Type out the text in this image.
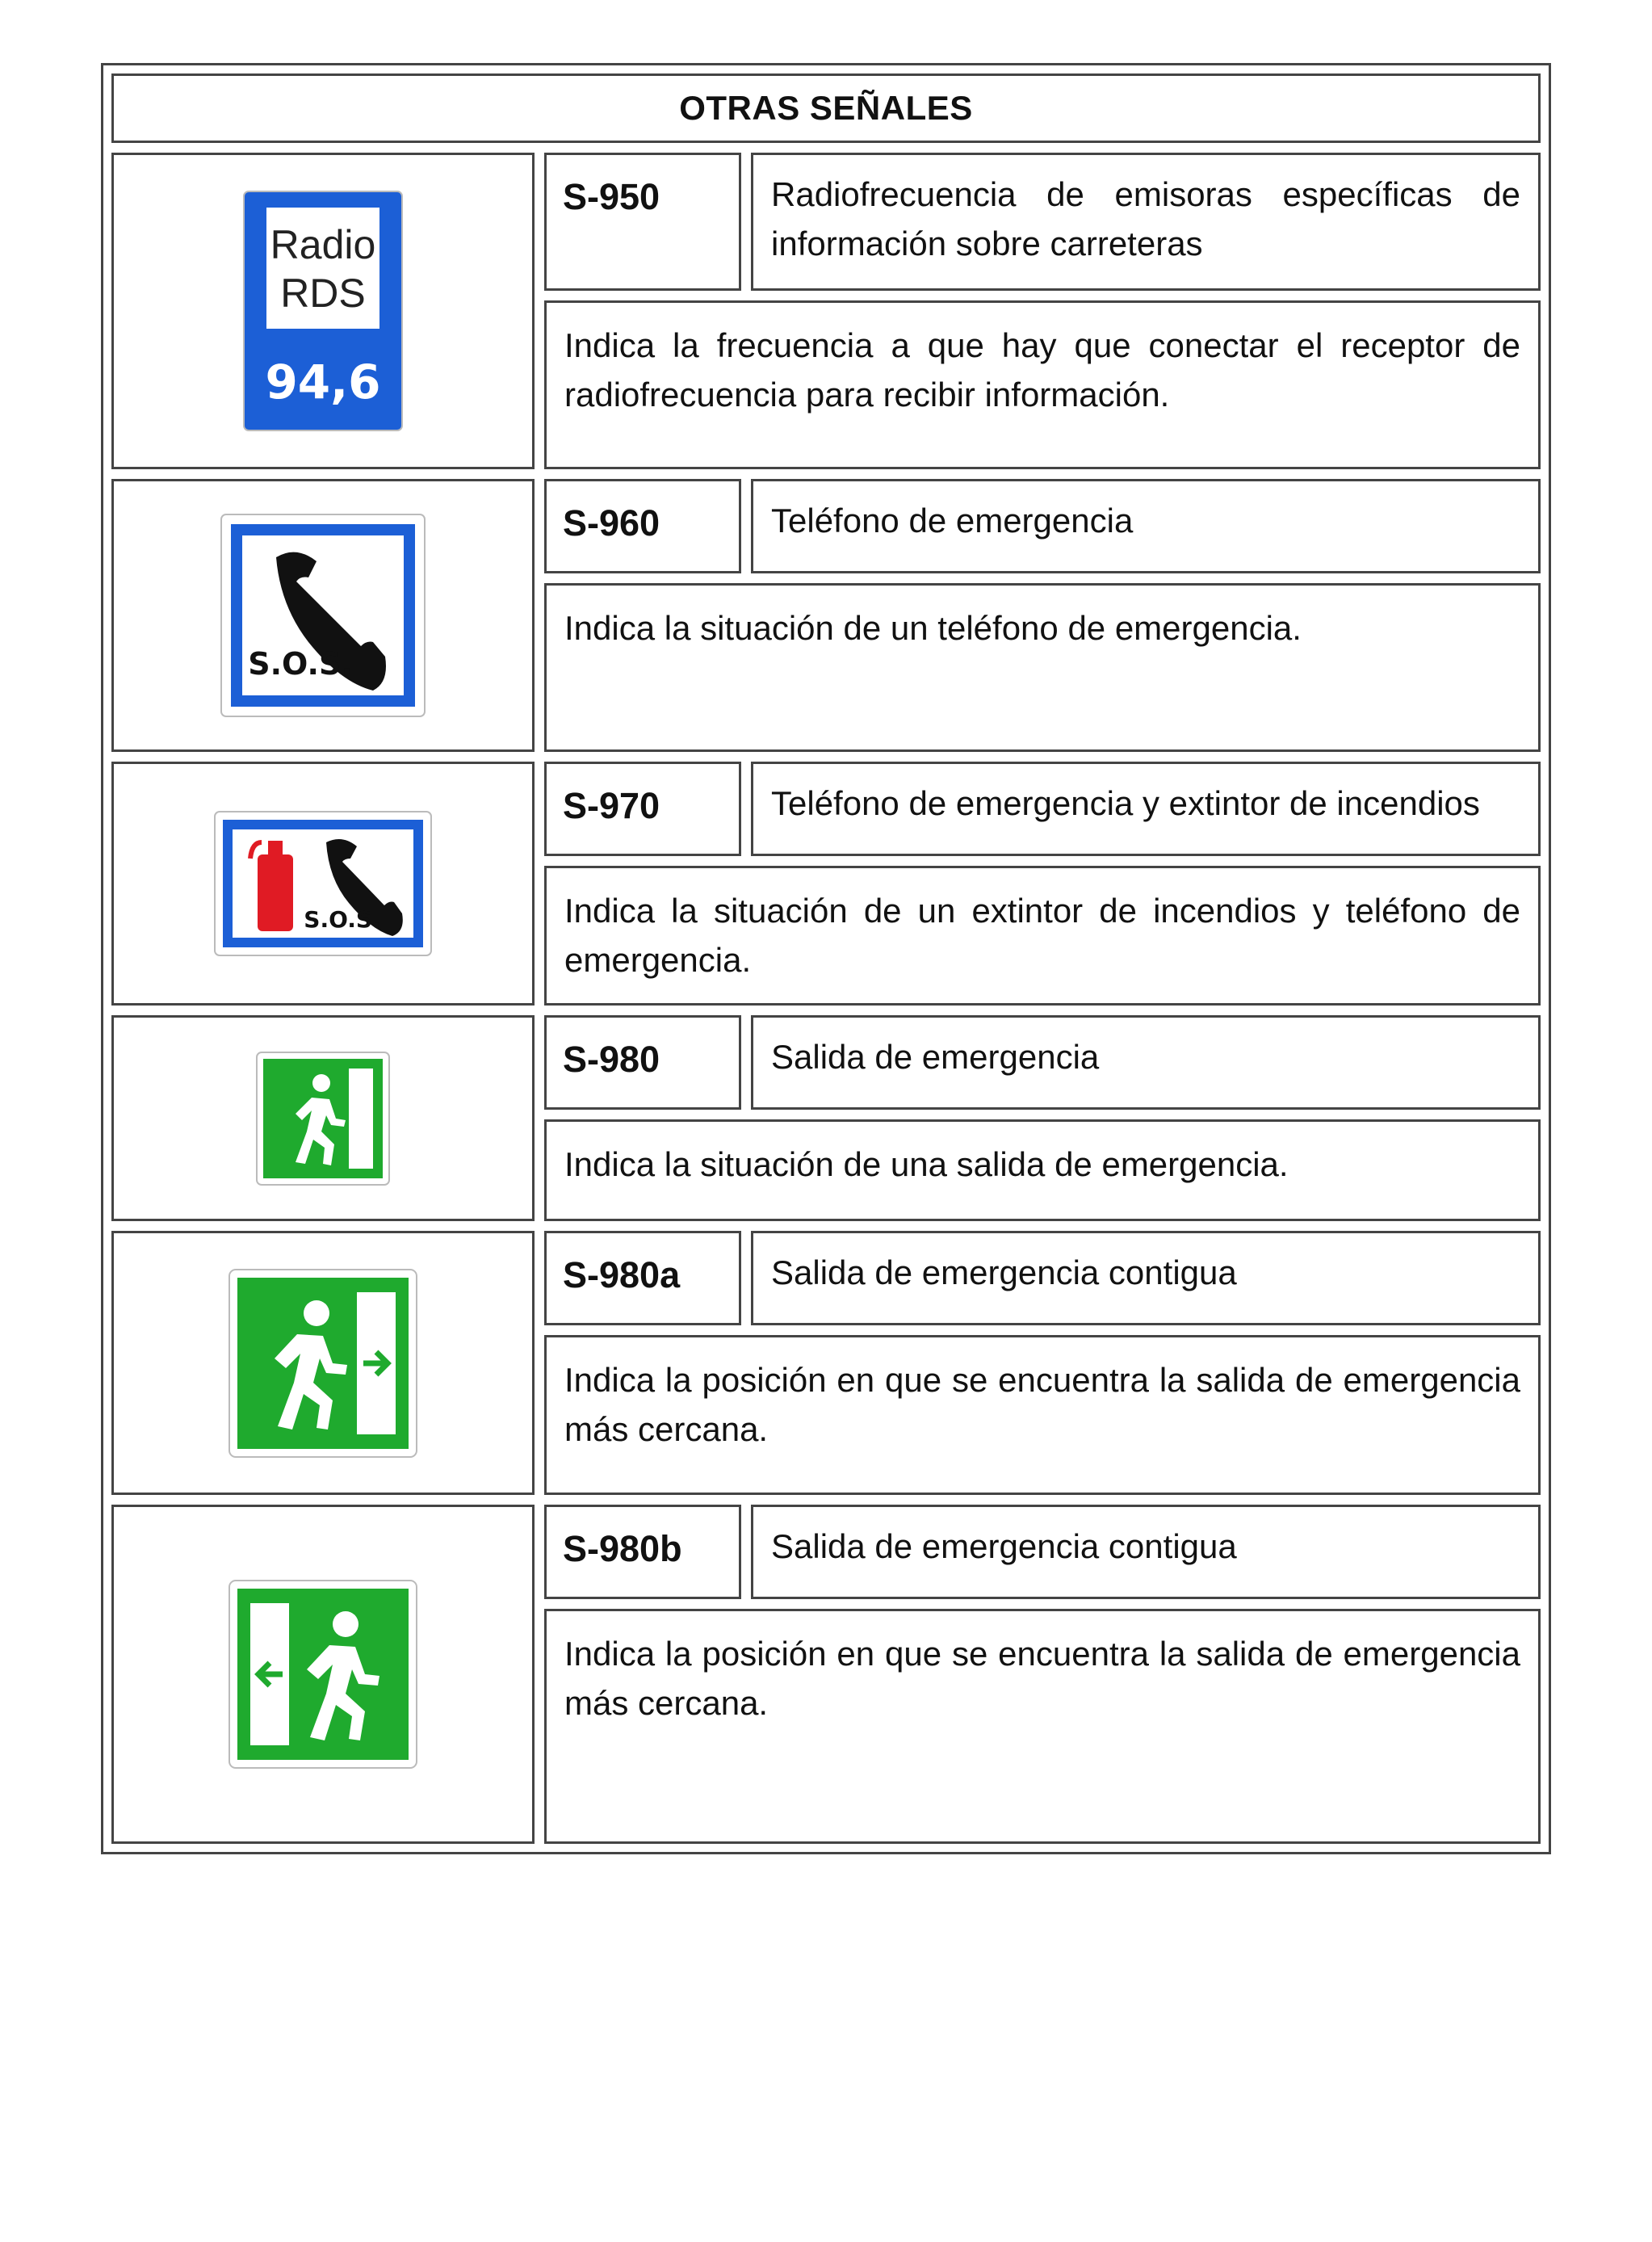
OTRAS SEÑALES
Radio
RDS
94,6
S-950	Radiofrecuencia de emisoras específicas de información sobre carreteras
Indica la frecuencia a que hay que conectar el receptor de radiofrecuencia para recibir información.
S.O.S.
S-960	Teléfono de emergencia
Indica la situación de un teléfono de emergencia.
S.O.S.
S-970	Teléfono de emergencia y extintor de incendios
Indica la situación de un extintor de incendios y teléfono de emergencia.
S-980	Salida de emergencia
Indica la situación de una salida de emergencia.
S-980a	Salida de emergencia contigua
Indica la posición en que se encuentra la salida de emergencia más cercana.
S-980b	Salida de emergencia contigua
Indica la posición en que se encuentra la salida de emergencia más cercana.
